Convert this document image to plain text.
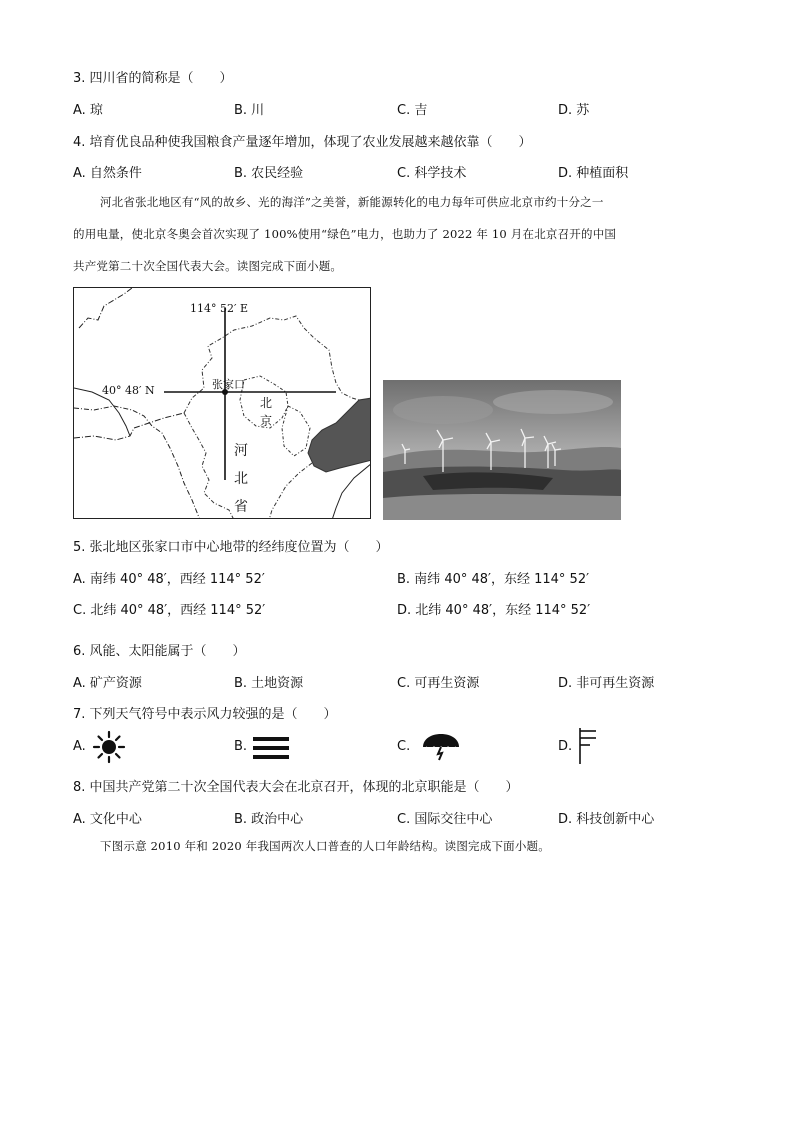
3. 四川省的简称是（　　）
A. 琼	B. 川	C. 吉	D. 苏
4. 培育优良品种使我国粮食产量逐年增加，体现了农业发展越来越依靠（　　）
A. 自然条件	B. 农民经验	C. 科学技术	D. 种植面积
河北省张北地区有“风的故乡、光的海洋”之美誉，新能源转化的电力每年可供应北京市约十分之一
的用电量，使北京冬奥会首次实现了 100%使用“绿色”电力，也助力了 2022 年 10 月在北京召开的中国
共产党第二十次全国代表大会。读图完成下面小题。
114° 52′ E
40° 48′ N	张家口
北
京
河
北
省
5. 张北地区张家口市中心地带的经纬度位置为（　　）
A. 南纬 40° 48′，西经 114° 52′	B. 南纬 40° 48′，东经 114° 52′
C. 北纬 40° 48′，西经 114° 52′	D. 北纬 40° 48′，东经 114° 52′
6. 风能、太阳能属于（　　）
A. 矿产资源	B. 土地资源	C. 可再生资源	D. 非可再生资源
7. 下列天气符号中表示风力较强的是（　　）
A.	B.	C.	D.
8. 中国共产党第二十次全国代表大会在北京召开，体现的北京职能是（　　）
A. 文化中心	B. 政治中心	C. 国际交往中心	D. 科技创新中心
下图示意 2010 年和 2020 年我国两次人口普查的人口年龄结构。读图完成下面小题。
